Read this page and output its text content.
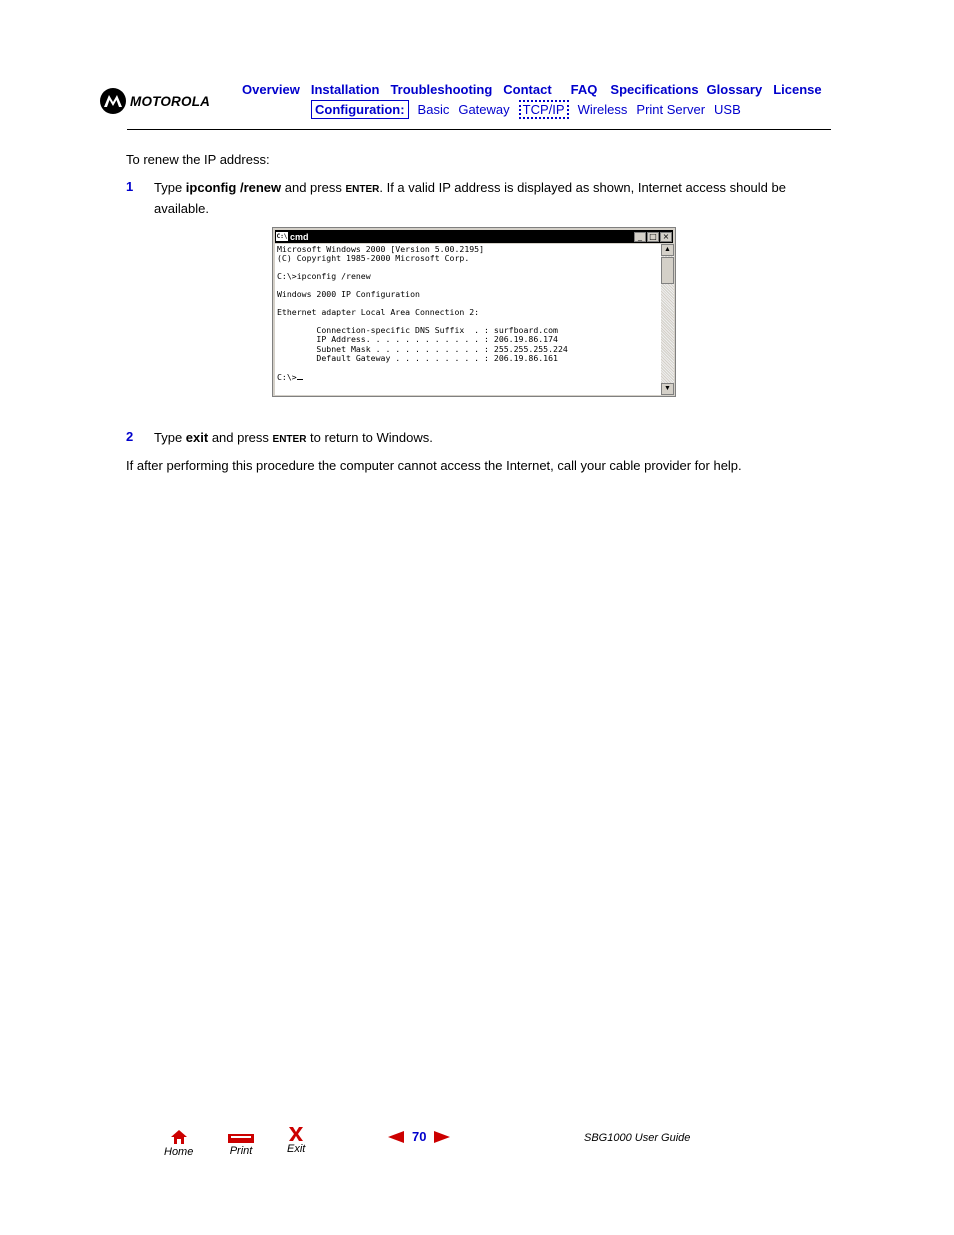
MOTOROLA
Overview Installation Troubleshooting Contact FAQ Specifications Glossary License
Configuration:	Basic Gateway	TCP/IP	Wireless Print Server USB
To renew the IP address:
1 Type ipconfig /renew and press ENTER. If a valid IP address is displayed as shown, Internet access should be available.
C:\ cmd	_ □ ×
Microsoft Windows 2000 [Version 5.00.2195]
(C) Copyright 1985-2000 Microsoft Corp.

C:\>ipconfig /renew

Windows 2000 IP Configuration

Ethernet adapter Local Area Connection 2:

Connection-specific DNS Suffix  . : surfboard.com
IP Address. . . . . . . . . . . . : 206.19.86.174
Subnet Mask . . . . . . . . . . . : 255.255.255.224
Default Gateway . . . . . . . . . : 206.19.86.161

C:\>
▲
▼
2 Type exit and press ENTER to return to Windows.
If after performing this procedure the computer cannot access the Internet, call your cable provider for help.
Home	Print	Exit
70	SBG1000 User Guide
